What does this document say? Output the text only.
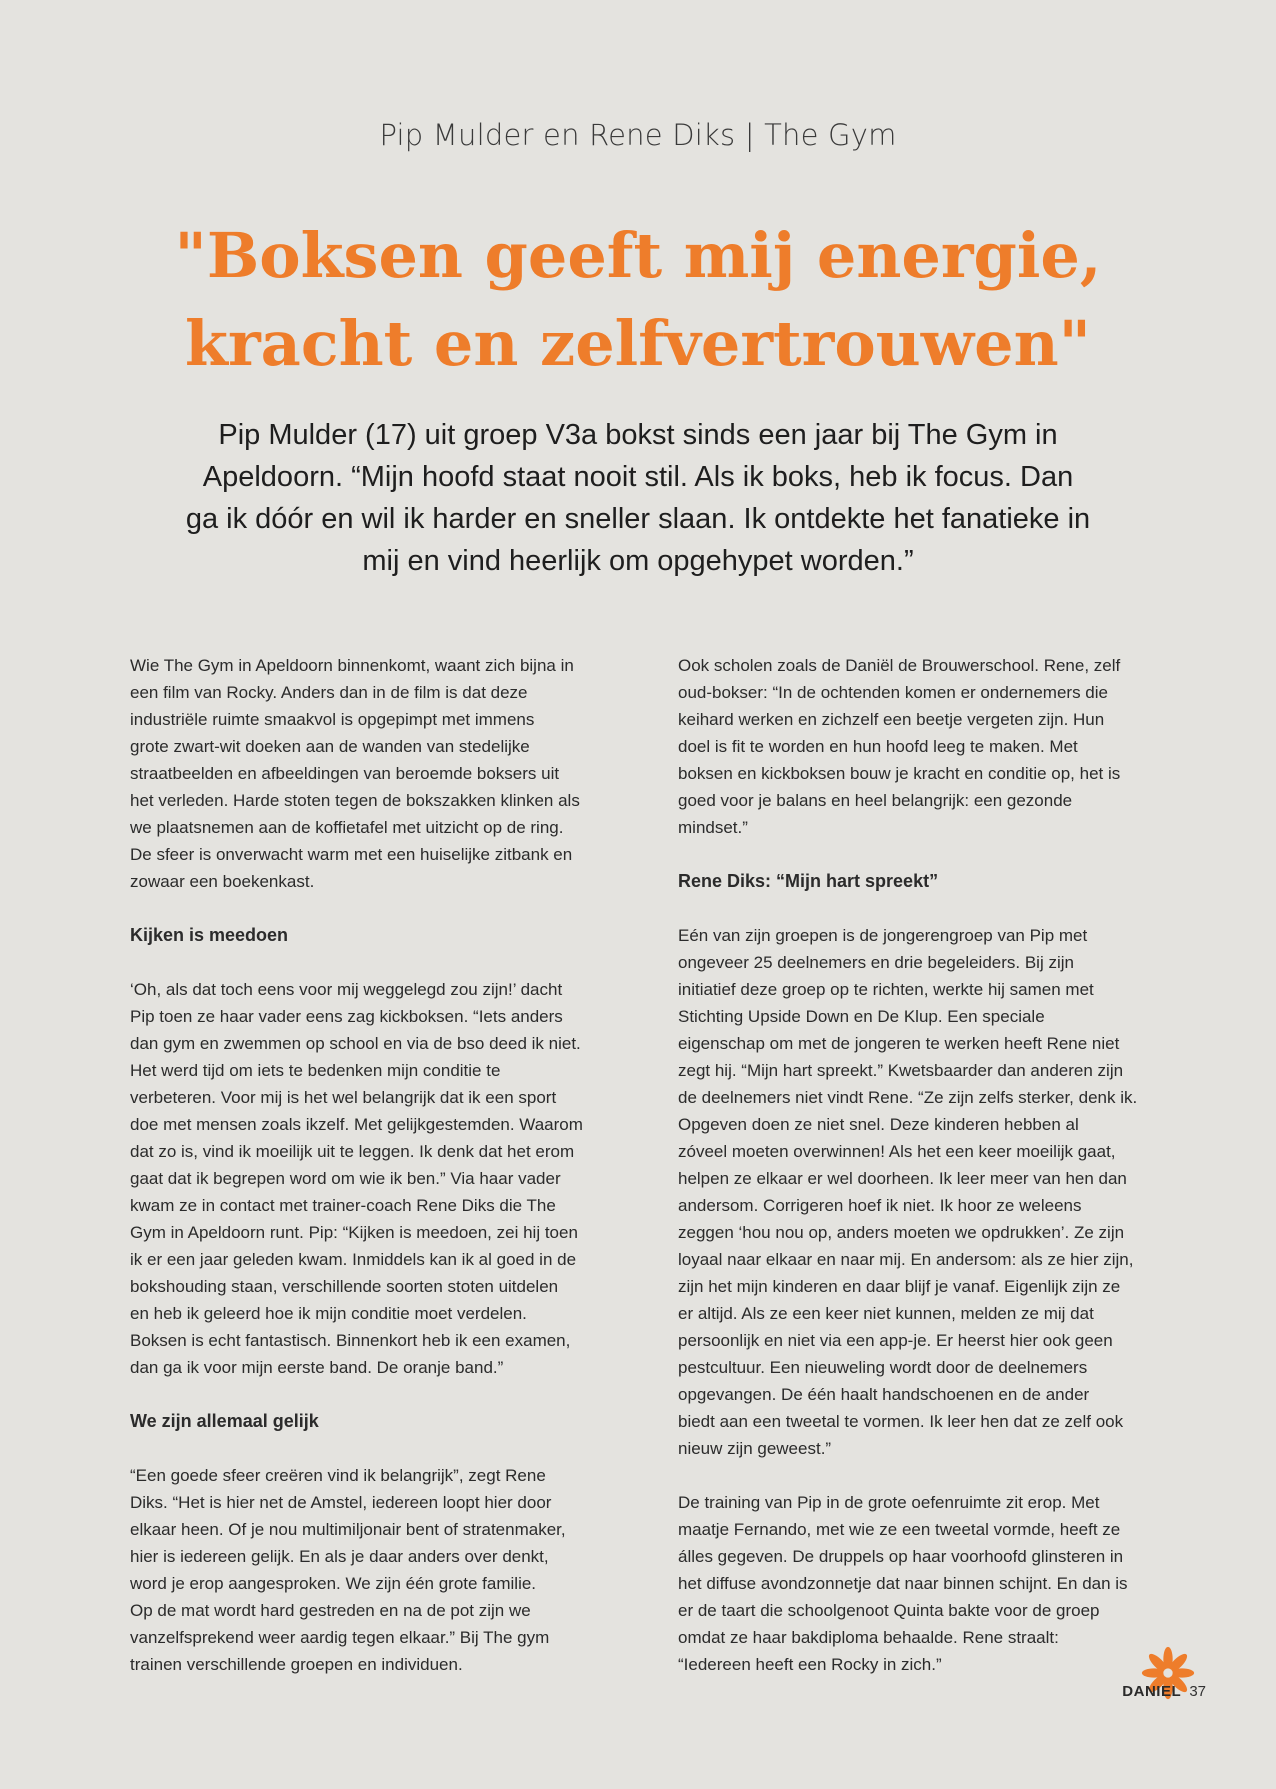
Pip Mulder en Rene Diks | The Gym
"Boksen geeft mij energie,
kracht en zelfvertrouwen"

Pip Mulder (17) uit groep V3a bokst sinds een jaar bij The Gym in
Apeldoorn. “Mijn hoofd staat nooit stil. Als ik boks, heb ik focus. Dan
ga ik dóór en wil ik harder en sneller slaan. Ik ontdekte het fanatieke in
mij en vind heerlijk om opgehypet worden.”

Wie The Gym in Apeldoorn binnenkomt, waant zich bijna in
een film van Rocky. Anders dan in de film is dat deze
industriële ruimte smaakvol is opgepimpt met immens
grote zwart-wit doeken aan de wanden van stedelijke
straatbeelden en afbeeldingen van beroemde boksers uit
het verleden. Harde stoten tegen de bokszakken klinken als
we plaatsnemen aan de koffietafel met uitzicht op de ring.
De sfeer is onverwacht warm met een huiselijke zitbank en
zowaar een boekenkast.

Kijken is meedoen

‘Oh, als dat toch eens voor mij weggelegd zou zijn!’ dacht
Pip toen ze haar vader eens zag kickboksen. “Iets anders
dan gym en zwemmen op school en via de bso deed ik niet.
Het werd tijd om iets te bedenken mijn conditie te
verbeteren. Voor mij is het wel belangrijk dat ik een sport
doe met mensen zoals ikzelf. Met gelijkgestemden. Waarom
dat zo is, vind ik moeilijk uit te leggen. Ik denk dat het erom
gaat dat ik begrepen word om wie ik ben.” Via haar vader
kwam ze in contact met trainer-coach Rene Diks die The
Gym in Apeldoorn runt. Pip: “Kijken is meedoen, zei hij toen
ik er een jaar geleden kwam. Inmiddels kan ik al goed in de
bokshouding staan, verschillende soorten stoten uitdelen
en heb ik geleerd hoe ik mijn conditie moet verdelen.
Boksen is echt fantastisch. Binnenkort heb ik een examen,
dan ga ik voor mijn eerste band. De oranje band.”

We zijn allemaal gelijk

“Een goede sfeer creëren vind ik belangrijk”, zegt Rene
Diks. “Het is hier net de Amstel, iedereen loopt hier door
elkaar heen. Of je nou multimiljonair bent of stratenmaker,
hier is iedereen gelijk. En als je daar anders over denkt,
word je erop aangesproken. We zijn één grote familie.
Op de mat wordt hard gestreden en na de pot zijn we
vanzelfsprekend weer aardig tegen elkaar.” Bij The gym
trainen verschillende groepen en individuen.

Ook scholen zoals de Daniël de Brouwerschool. Rene, zelf
oud-bokser: “In de ochtenden komen er ondernemers die
keihard werken en zichzelf een beetje vergeten zijn. Hun
doel is fit te worden en hun hoofd leeg te maken. Met
boksen en kickboksen bouw je kracht en conditie op, het is
goed voor je balans en heel belangrijk: een gezonde
mindset.”

Rene Diks: “Mijn hart spreekt”

Eén van zijn groepen is de jongerengroep van Pip met
ongeveer 25 deelnemers en drie begeleiders. Bij zijn
initiatief deze groep op te richten, werkte hij samen met
Stichting Upside Down en De Klup. Een speciale
eigenschap om met de jongeren te werken heeft Rene niet
zegt hij. “Mijn hart spreekt.” Kwetsbaarder dan anderen zijn
de deelnemers niet vindt Rene. “Ze zijn zelfs sterker, denk ik.
Opgeven doen ze niet snel. Deze kinderen hebben al
zóveel moeten overwinnen! Als het een keer moeilijk gaat,
helpen ze elkaar er wel doorheen. Ik leer meer van hen dan
andersom. Corrigeren hoef ik niet. Ik hoor ze weleens
zeggen ‘hou nou op, anders moeten we opdrukken’. Ze zijn
loyaal naar elkaar en naar mij. En andersom: als ze hier zijn,
zijn het mijn kinderen en daar blijf je vanaf. Eigenlijk zijn ze
er altijd. Als ze een keer niet kunnen, melden ze mij dat
persoonlijk en niet via een app-je. Er heerst hier ook geen
pestcultuur. Een nieuweling wordt door de deelnemers
opgevangen. De één haalt handschoenen en de ander
biedt aan een tweetal te vormen. Ik leer hen dat ze zelf ook
nieuw zijn geweest.”

De training van Pip in de grote oefenruimte zit erop. Met
maatje Fernando, met wie ze een tweetal vormde, heeft ze
álles gegeven. De druppels op haar voorhoofd glinsteren in
het diffuse avondzonnetje dat naar binnen schijnt. En dan is
er de taart die schoolgenoot Quinta bakte voor de groep
omdat ze haar bakdiploma behaalde. Rene straalt:
“Iedereen heeft een Rocky in zich.”

DANIEL 37
